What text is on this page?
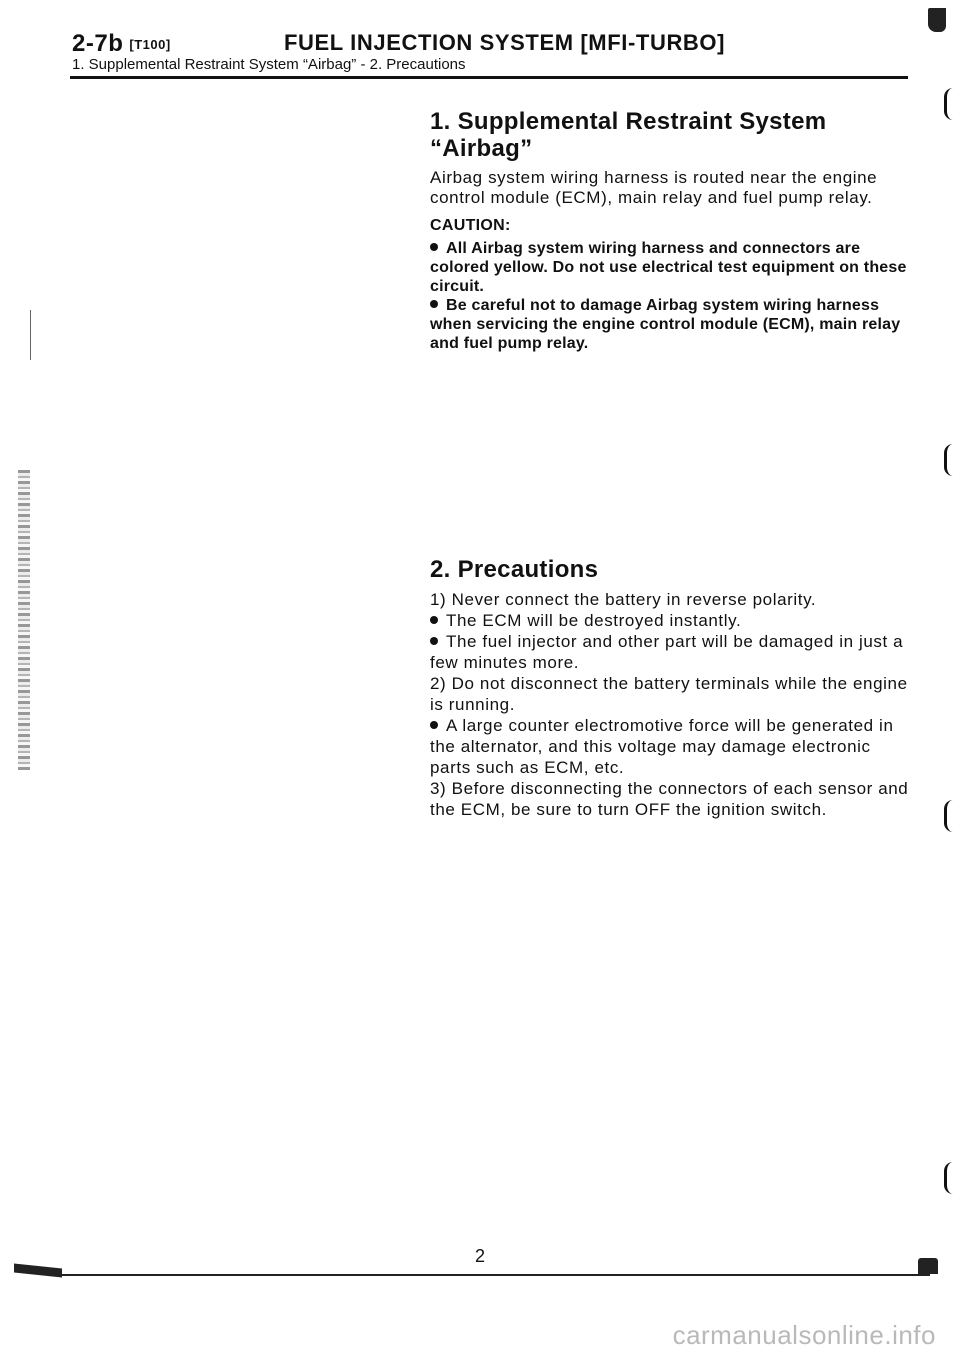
2-7b [T100]	FUEL INJECTION SYSTEM [MFI-TURBO]
1. Supplemental Restraint System “Airbag” - 2. Precautions

1. Supplemental Restraint System

“Airbag”

Airbag system wiring harness is routed near the engine control module (ECM), main relay and fuel pump relay.

CAUTION:

All Airbag system wiring harness and connectors are colored yellow. Do not use electrical test equipment on these circuit.

Be careful not to damage Airbag system wiring harness when servicing the engine control module (ECM), main relay and fuel pump relay.

2. Precautions

1) Never connect the battery in reverse polarity.

The ECM will be destroyed instantly.

The fuel injector and other part will be damaged in just a few minutes more.

2) Do not disconnect the battery terminals while the engine is running.

A large counter electromotive force will be generated in the alternator, and this voltage may damage electronic parts such as ECM, etc.

3) Before disconnecting the connectors of each sensor and the ECM, be sure to turn OFF the ignition switch.

2
carmanualsonline.info
